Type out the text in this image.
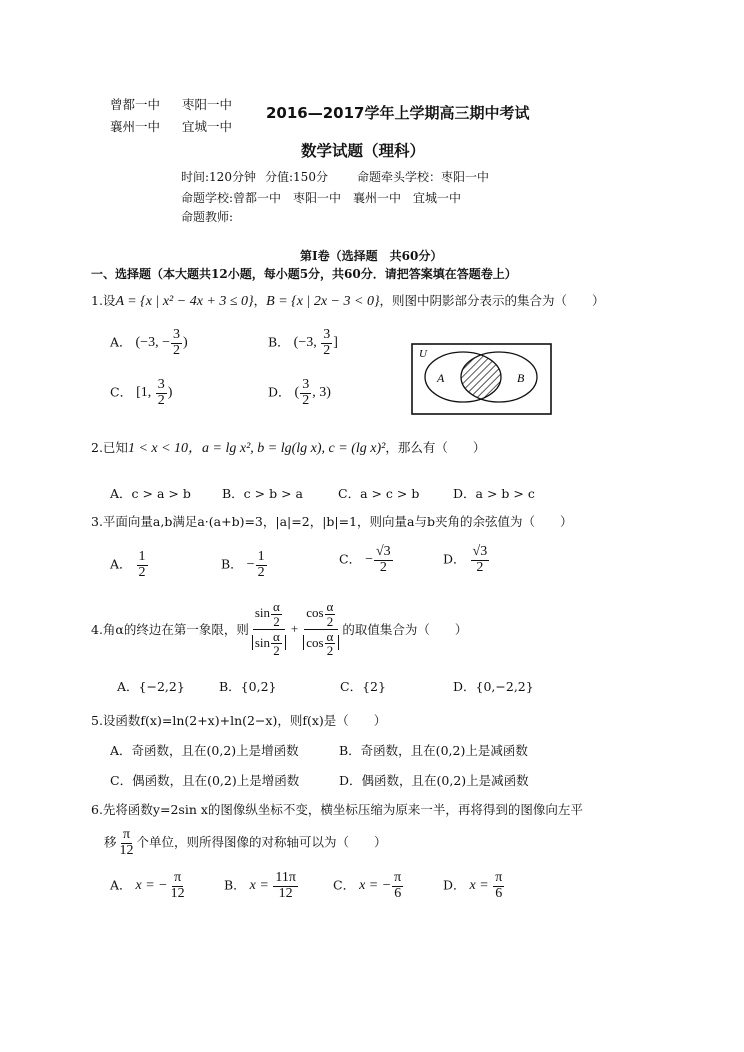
曾都一中 枣阳一中
襄州一中 宜城一中
2016—2017学年上学期高三期中考试
数学试题（理科）
时间:120分钟 分值:150分 命题牵头学校：枣阳一中
命题学校:曾都一中　枣阳一中　襄州一中　宜城一中
命题教师:
第Ⅰ卷（选择题　共60分）
一、选择题（本大题共12小题，每小题5分，共60分．请把答案填在答题卷上）
1.设A = {x | x² − 4x + 3 ≤ 0}，B = {x | 2x − 3 < 0}，则图中阴影部分表示的集合为（　　）
A． (−3, − $\frac{3}{2}$ )	B． (−3, $\frac{3}{2}$ ]
C． [1, $\frac{3}{2}$ )	D． ( $\frac{3}{2}$ , 3)
U
A	B
2.已知1 < x < 10，a = lg x², b = lg(lg x), c = (lg x)²，那么有（　　）
A．c > a > b B．c > b > a	C．a > c > b	D．a > b > c
3.平面向量a,b满足a·(a+b)=3，|a|=2，|b|=1，则向量a与b夹角的余弦值为（　　）
A． $\frac{1}{2}$	B． − $\frac{1}{2}$	C． − $\frac{√3}{2}$	D． $\frac{√3}{2}$
4.角α的终边在第一象限，则 $\frac{\sin \frac{\alpha}{2}}{\sin \frac{\alpha}{2}} + \frac{\cos \frac{\alpha}{2}}{\cos \frac{\alpha}{2}}$ 的取值集合为（　　）
A．{−2,2}	B．{0,2}	C．{2}	D．{0,−2,2}
5.设函数f(x)=ln(2+x)+ln(2−x)，则f(x)是（　　）
A．奇函数，且在(0,2)上是增函数	B．奇函数，且在(0,2)上是减函数
C．偶函数，且在(0,2)上是增函数	D．偶函数，且在(0,2)上是减函数
6.先将函数y=2sin x的图像纵坐标不变，横坐标压缩为原来一半，再将得到的图像向左平
移 $\frac{\pi}{12}$ 个单位，则所得图像的对称轴可以为（　　）
A． x = − $\frac{\pi}{12}$	B． $x = \frac{11\pi}{12}$	C． x = − $\frac{\pi}{6}$	D． $x = \frac{\pi}{6}$
